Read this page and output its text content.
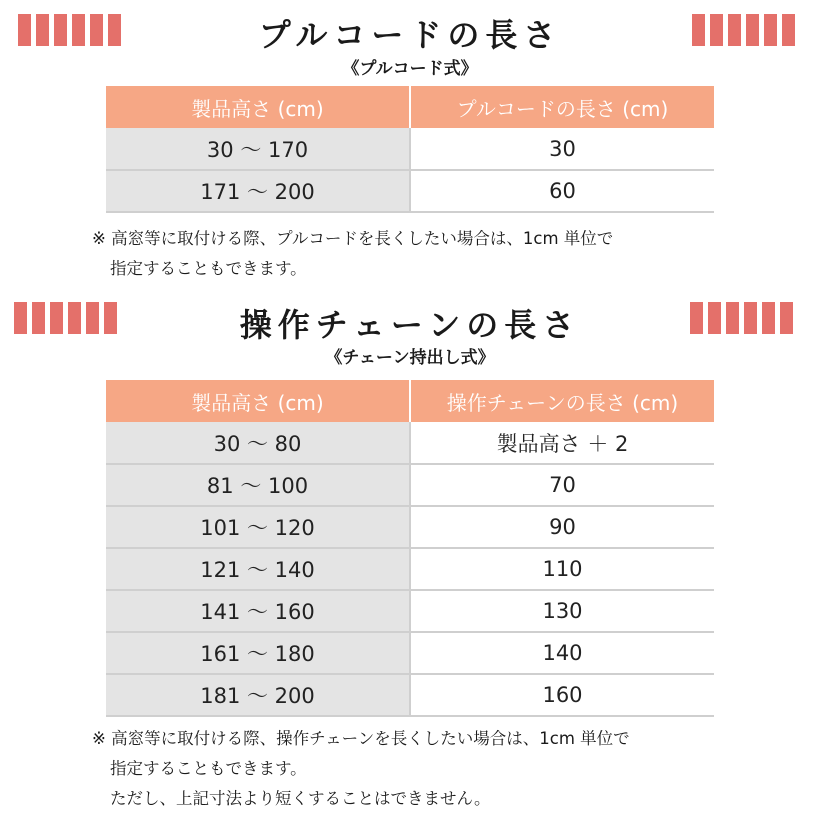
プルコードの長さ
《プルコード式》
製品高さ (cm)	プルコードの長さ (cm)
30 〜 170	30
171 〜 200	60
※ 高窓等に取付ける際、プルコードを長くしたい場合は、1cm 単位で
指定することもできます。
操作チェーンの長さ
《チェーン持出し式》
製品高さ (cm)	操作チェーンの長さ (cm)
30 〜 80	製品高さ ＋ 2
81 〜 100	70
101 〜 120	90
121 〜 140	110
141 〜 160	130
161 〜 180	140
181 〜 200	160
※ 高窓等に取付ける際、操作チェーンを長くしたい場合は、1cm 単位で
指定することもできます。
ただし、上記寸法より短くすることはできません。
